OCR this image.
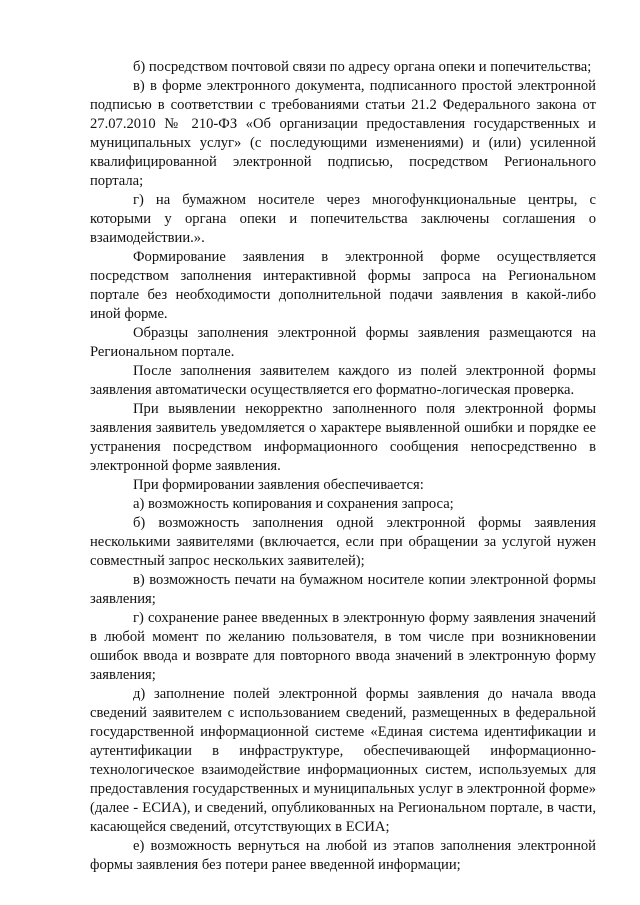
б) посредством почтовой связи по адресу органа опеки и попечительства;

в) в форме электронного документа, подписанного простой электронной подписью в соответствии с требованиями статьи 21.2 Федерального закона от 27.07.2010 № 210-ФЗ «Об организации предоставления государственных и муниципальных услуг» (с последующими изменениями) и (или) усиленной квалифицированной электронной подписью, посредством Регионального портала;

г) на бумажном носителе через многофункциональные центры, с которыми у органа опеки и попечительства заключены соглашения о взаимодействии.».

Формирование заявления в электронной форме осуществляется посредством заполнения интерактивной формы запроса на Региональном портале без необходимости дополнительной подачи заявления в какой-либо иной форме.

Образцы заполнения электронной формы заявления размещаются на Региональном портале.

После заполнения заявителем каждого из полей электронной формы заявления автоматически осуществляется его форматно-логическая проверка.

При выявлении некорректно заполненного поля электронной формы заявления заявитель уведомляется о характере выявленной ошибки и порядке ее устранения посредством информационного сообщения непосредственно в электронной форме заявления.

При формировании заявления обеспечивается:

а) возможность копирования и сохранения запроса;

б) возможность заполнения одной электронной формы заявления несколькими заявителями (включается, если при обращении за услугой нужен совместный запрос нескольких заявителей);

в) возможность печати на бумажном носителе копии электронной формы заявления;

г) сохранение ранее введенных в электронную форму заявления значений в любой момент по желанию пользователя, в том числе при возникновении ошибок ввода и возврате для повторного ввода значений в электронную форму заявления;

д) заполнение полей электронной формы заявления до начала ввода сведений заявителем с использованием сведений, размещенных в федеральной государственной информационной системе «Единая система идентификации и аутентификации в инфраструктуре, обеспечивающей информационно-технологическое взаимодействие информационных систем, используемых для предоставления государственных и муниципальных услуг в электронной форме» (далее - ЕСИА), и сведений, опубликованных на Региональном портале, в части, касающейся сведений, отсутствующих в ЕСИА;

е) возможность вернуться на любой из этапов заполнения электронной формы заявления без потери ранее введенной информации;
